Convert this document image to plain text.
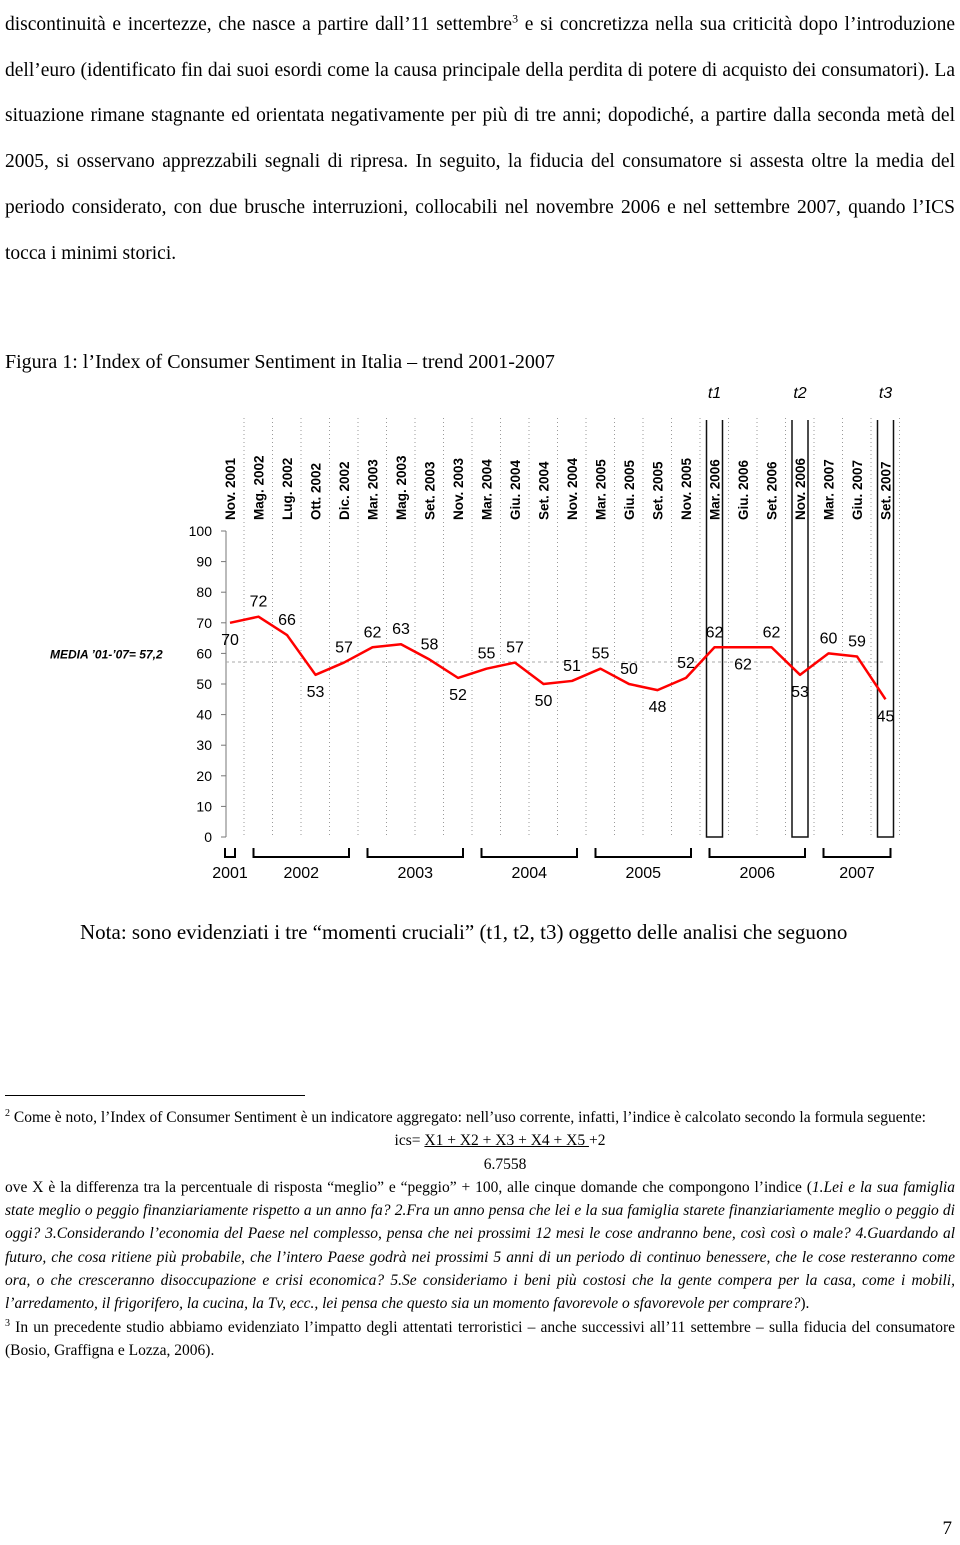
discontinuità e incertezze, che nasce a partire dall’11 settembre$^3$ e si concretizza nella sua criticità dopo l’introduzione dell’euro (identificato fin dai suoi esordi come la causa principale della perdita di potere di acquisto dei consumatori). La situazione rimane stagnante ed orientata negativamente per più di tre anni; dopodiché, a partire dalla seconda metà del 2005, si osservano apprezzabili segnali di ripresa. In seguito, la fiducia del consumatore si assesta oltre la media del periodo considerato, con due brusche interruzioni, collocabili nel novembre 2006 e nel settembre 2007, quando l’ICS tocca i minimi storici.

Figura 1: l’Index of Consumer Sentiment in Italia – trend 2001-2007

0
10
20
30
40
50
60
70
80
90
100
MEDIA ’01-’07= 57,2
Nov. 2001 Mag. 2002 Lug. 2002 Ott. 2002 Dic. 2002 Mar. 2003 Mag. 2003 Set. 2003 Nov. 2003 Mar. 2004 Giu. 2004 Set. 2004 Nov. 2004 Mar. 2005 Giu. 2005 Set. 2005 Nov. 2005 Mar. 2006 Giu. 2006 Set. 2006 Nov. 2006 Mar. 2007 Giu. 2007 Set. 2007
t1	t2	t3
70
72
66
53
57
62 63
58
52
55 57
50
51
55
50
48
52
62
62
62
53
60 59
45
2001 2002	2003	2004	2005	2006	2007

Nota: sono evidenziati i tre “momenti cruciali” (t1, t2, t3) oggetto delle analisi che seguono

$^2$ Come è noto, l’Index of Consumer Sentiment è un indicatore aggregato: nell’uso corrente, infatti, l’indice è calcolato secondo la formula seguente:

ics= X1 + X2 + X3 + X4 + X5 +2

6.7558

ove X è la differenza tra la percentuale di risposta “meglio” e “peggio” + 100, alle cinque domande che compongono l’indice (1.Lei e la sua famiglia state meglio o peggio finanziariamente rispetto a un anno fa? 2.Fra un anno pensa che lei e la sua famiglia starete finanziariamente meglio o peggio di oggi? 3.Considerando l’economia del Paese nel complesso, pensa che nei prossimi 12 mesi le cose andranno bene, così così o male? 4.Guardando al futuro, che cosa ritiene più probabile, che l’intero Paese godrà nei prossimi 5 anni di un periodo di continuo benessere, che le cose resteranno come ora, o che cresceranno disoccupazione e crisi economica? 5.Se consideriamo i beni più costosi che la gente compera per la casa, come i mobili, l’arredamento, il frigorifero, la cucina, la Tv, ecc., lei pensa che questo sia un momento favorevole o sfavorevole per comprare?).

$^3$ In un precedente studio abbiamo evidenziato l’impatto degli attentati terroristici – anche successivi all’11 settembre – sulla fiducia del consumatore (Bosio, Graffigna e Lozza, 2006).

7
